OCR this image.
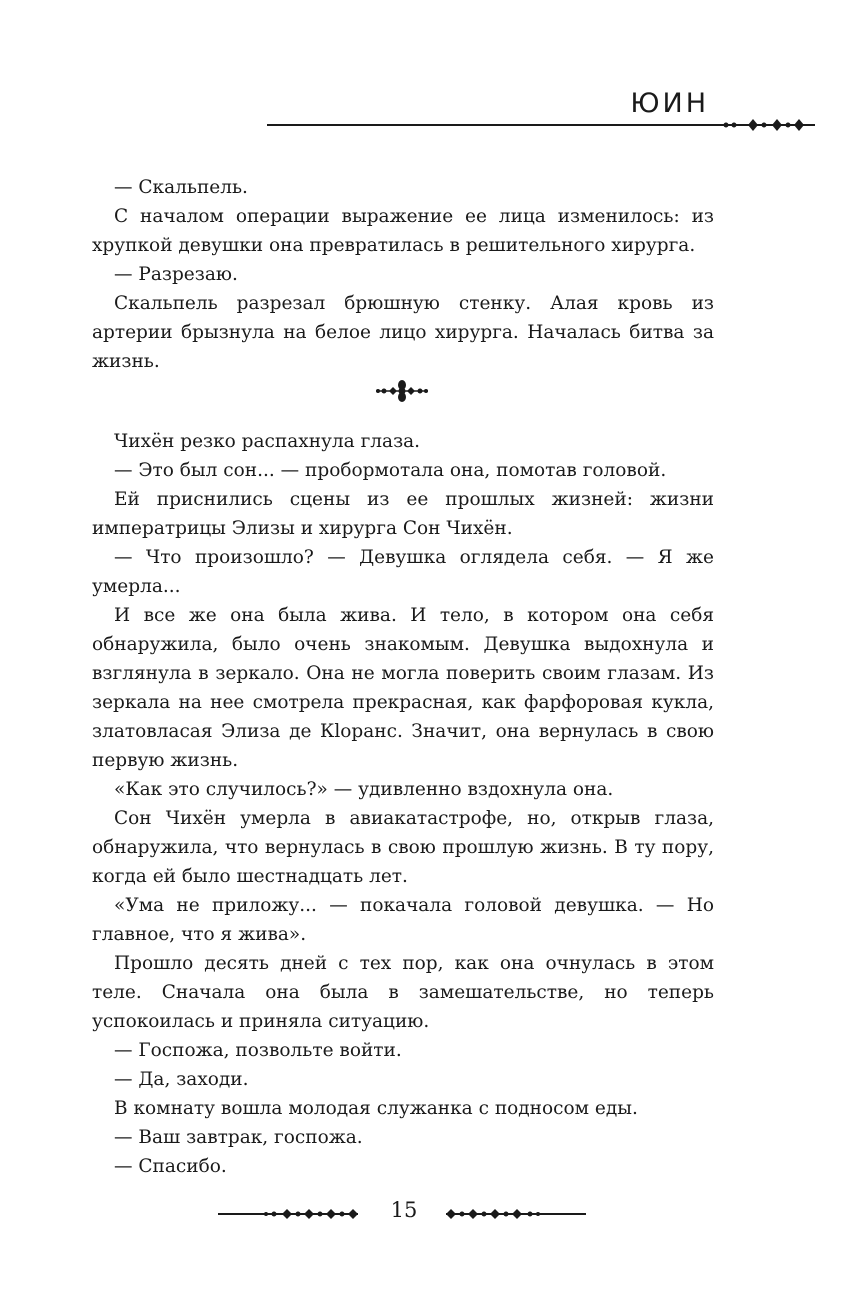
ЮИН

— Скальпель.

С началом операции выражение ее лица изменилось: из хрупкой девушки она превратилась в решительного хирурга.

— Разрезаю.

Скальпель разрезал брюшную стенку. Алая кровь из артерии брызнула на белое лицо хирурга. Началась битва за жизнь.

Чихён резко распахнула глаза.

— Это был сон... — пробормотала она, помотав головой.

Ей приснились сцены из ее прошлых жизней: жизни императрицы Элизы и хирурга Сон Чихён.

— Что произошло? — Девушка оглядела себя. — Я же умерла...

И все же она была жива. И тело, в котором она себя обнаружила, было очень знакомым. Девушка выдохнула и взглянула в зеркало. Она не могла поверить своим глазам. Из зеркала на нее смотрела прекрасная, как фарфоровая кукла, златовласая Элиза де Кloранс. Значит, она вернулась в свою первую жизнь.

«Как это случилось?» — удивленно вздохнула она.

Сон Чихён умерла в авиакатастрофе, но, открыв глаза, обнаружила, что вернулась в свою прошлую жизнь. В ту пору, когда ей было шестнадцать лет.

«Ума не приложу... — покачала головой девушка. — Но главное, что я жива».

Прошло десять дней с тех пор, как она очнулась в этом теле. Сначала она была в замешательстве, но теперь успокоилась и приняла ситуацию.

— Госпожа, позвольте войти.

— Да, заходи.

В комнату вошла молодая служанка с подносом еды.

— Ваш завтрак, госпожа.

— Спасибо.

15
